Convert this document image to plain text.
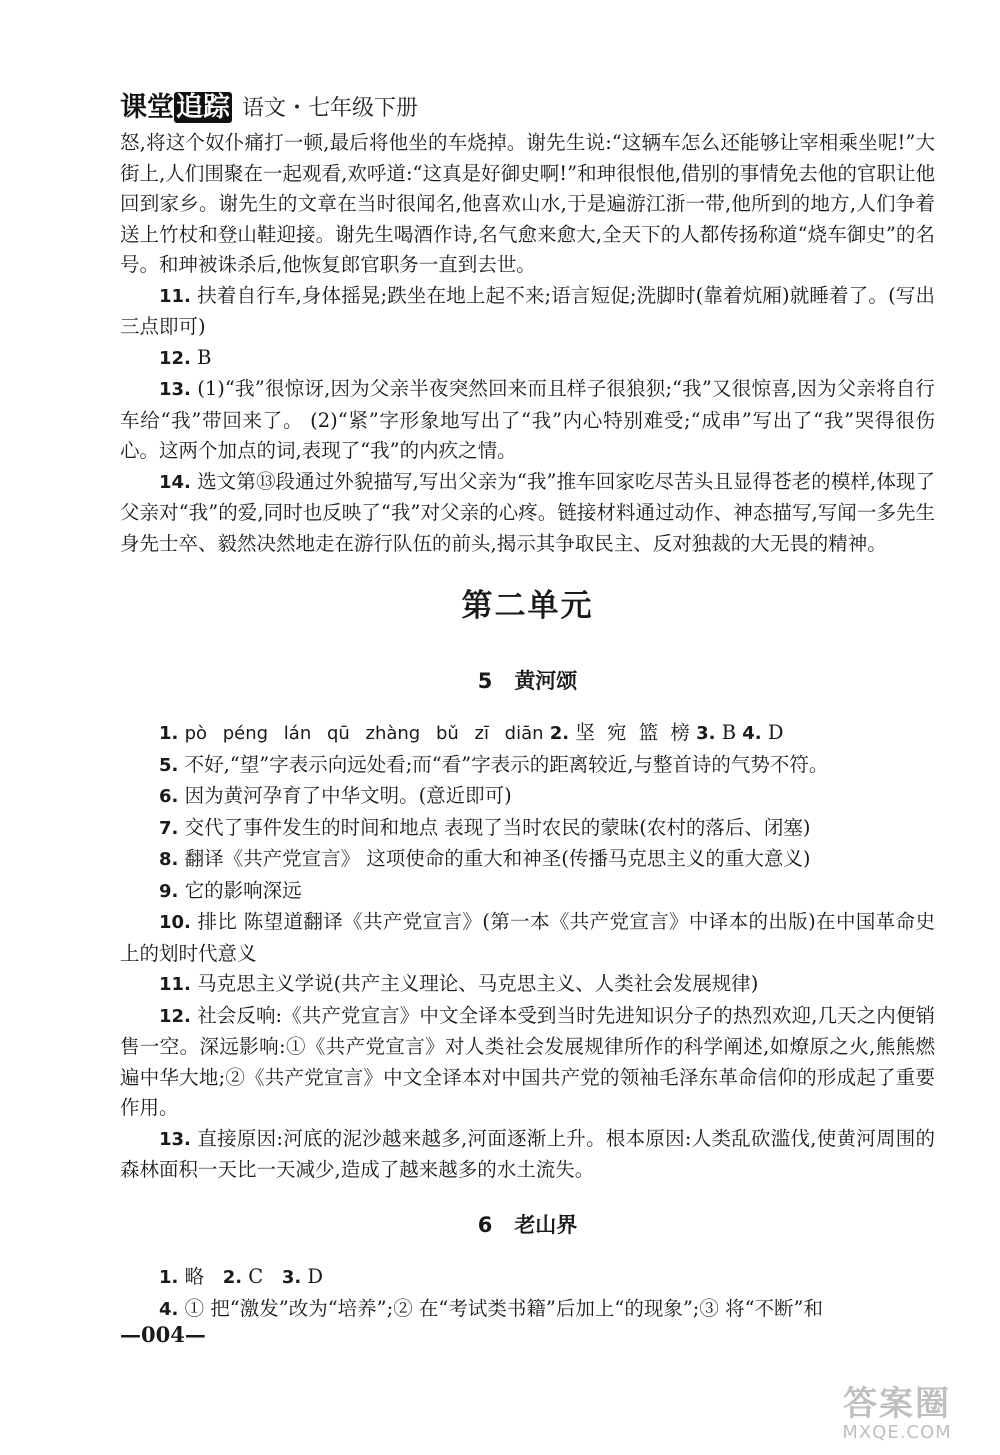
课堂追踪 语文・七年级下册

怒,将这个奴仆痛打一顿,最后将他坐的车烧掉。谢先生说:“这辆车怎么还能够让宰相乘坐呢!”大街上,人们围聚在一起观看,欢呼道:“这真是好御史啊!”和珅很恨他,借别的事情免去他的官职让他回到家乡。谢先生的文章在当时很闻名,他喜欢山水,于是遍游江浙一带,他所到的地方,人们争着送上竹杖和登山鞋迎接。谢先生喝酒作诗,名气愈来愈大,全天下的人都传扬称道“烧车御史”的名号。和珅被诛杀后,他恢复郎官职务一直到去世。

11. 扶着自行车,身体摇晃;跌坐在地上起不来;语言短促;洗脚时(靠着炕厢)就睡着了。(写出三点即可)

12. B

13. (1)“我”很惊讶,因为父亲半夜突然回来而且样子很狼狈;“我”又很惊喜,因为父亲将自行车给“我”带回来了。 (2)“紧”字形象地写出了“我”内心特别难受;“成串”写出了“我”哭得很伤心。这两个加点的词,表现了“我”的内疚之情。

14. 选文第⑬段通过外貌描写,写出父亲为“我”推车回家吃尽苦头且显得苍老的模样,体现了父亲对“我”的爱,同时也反映了“我”对父亲的心疼。链接材料通过动作、神态描写,写闻一多先生身先士卒、毅然决然地走在游行队伍的前头,揭示其争取民主、反对独裁的大无畏的精神。

第二单元
5 黄河颂

1. pò péng lán qū zhàng bǔ zī diān 2. 坚 宛 篮 榜 3. B 4. D

5. 不好,“望”字表示向远处看;而“看”字表示的距离较近,与整首诗的气势不符。

6. 因为黄河孕育了中华文明。(意近即可)

7. 交代了事件发生的时间和地点 表现了当时农民的蒙昧(农村的落后、闭塞)

8. 翻译《共产党宣言》 这项使命的重大和神圣(传播马克思主义的重大意义)

9. 它的影响深远

10. 排比 陈望道翻译《共产党宣言》(第一本《共产党宣言》中译本的出版)在中国革命史上的划时代意义

11. 马克思主义学说(共产主义理论、马克思主义、人类社会发展规律)

12. 社会反响:《共产党宣言》中文全译本受到当时先进知识分子的热烈欢迎,几天之内便销售一空。深远影响:①《共产党宣言》对人类社会发展规律所作的科学阐述,如燎原之火,熊熊燃遍中华大地;②《共产党宣言》中文全译本对中国共产党的领袖毛泽东革命信仰的形成起了重要作用。

13. 直接原因:河底的泥沙越来越多,河面逐渐上升。根本原因:人类乱砍滥伐,使黄河周围的森林面积一天比一天减少,造成了越来越多的水土流失。

6 老山界

1. 略 2. C 3. D

4. ① 把“激发”改为“培养”;② 在“考试类书籍”后加上“的现象”;③ 将“不断”和

—004—
答案圈
MXQE.COM
